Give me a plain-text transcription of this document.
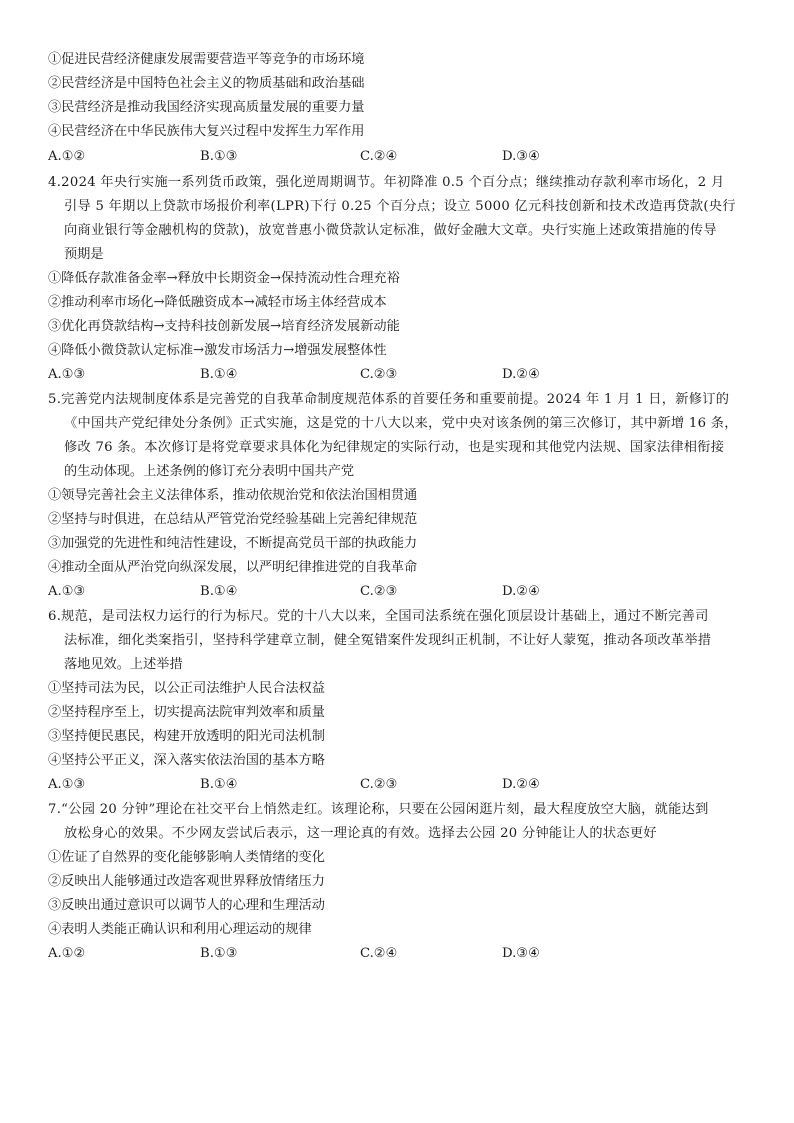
①促进民营经济健康发展需要营造平等竞争的市场环境
②民营经济是中国特色社会主义的物质基础和政治基础
③民营经济是推动我国经济实现高质量发展的重要力量
④民营经济在中华民族伟大复兴过程中发挥生力军作用
A.①②	B.①③	C.②④	D.③④
4.2024 年央行实施一系列货币政策，强化逆周期调节。年初降准 0.5 个百分点；继续推动存款利率市场化，2 月
引导 5 年期以上贷款市场报价利率(LPR)下行 0.25 个百分点；设立 5000 亿元科技创新和技术改造再贷款(央行
向商业银行等金融机构的贷款)，放宽普惠小微贷款认定标准，做好金融大文章。央行实施上述政策措施的传导
预期是
①降低存款准备金率→释放中长期资金→保持流动性合理充裕
②推动利率市场化→降低融资成本→减轻市场主体经营成本
③优化再贷款结构→支持科技创新发展→培育经济发展新动能
④降低小微贷款认定标准→激发市场活力→增强发展整体性
A.①③	B.①④	C.②③	D.②④
5.完善党内法规制度体系是完善党的自我革命制度规范体系的首要任务和重要前提。2024 年 1 月 1 日，新修订的
《中国共产党纪律处分条例》正式实施，这是党的十八大以来，党中央对该条例的第三次修订，其中新增 16 条，
修改 76 条。本次修订是将党章要求具体化为纪律规定的实际行动，也是实现和其他党内法规、国家法律相衔接
的生动体现。上述条例的修订充分表明中国共产党
①领导完善社会主义法律体系，推动依规治党和依法治国相贯通
②坚持与时俱进，在总结从严管党治党经验基础上完善纪律规范
③加强党的先进性和纯洁性建设，不断提高党员干部的执政能力
④推动全面从严治党向纵深发展，以严明纪律推进党的自我革命
A.①③	B.①④	C.②③	D.②④
6.规范，是司法权力运行的行为标尺。党的十八大以来，全国司法系统在强化顶层设计基础上，通过不断完善司
法标准，细化类案指引，坚持科学建章立制，健全冤错案件发现纠正机制，不让好人蒙冤，推动各项改革举措
落地见效。上述举措
①坚持司法为民，以公正司法维护人民合法权益
②坚持程序至上，切实提高法院审判效率和质量
③坚持便民惠民，构建开放透明的阳光司法机制
④坚持公平正义，深入落实依法治国的基本方略
A.①③	B.①④	C.②③	D.②④
7.“公园 20 分钟”理论在社交平台上悄然走红。该理论称，只要在公园闲逛片刻，最大程度放空大脑，就能达到
放松身心的效果。不少网友尝试后表示，这一理论真的有效。选择去公园 20 分钟能让人的状态更好
①佐证了自然界的变化能够影响人类情绪的变化
②反映出人能够通过改造客观世界释放情绪压力
③反映出通过意识可以调节人的心理和生理活动
④表明人类能正确认识和利用心理运动的规律
A.①②	B.①③	C.②④	D.③④
